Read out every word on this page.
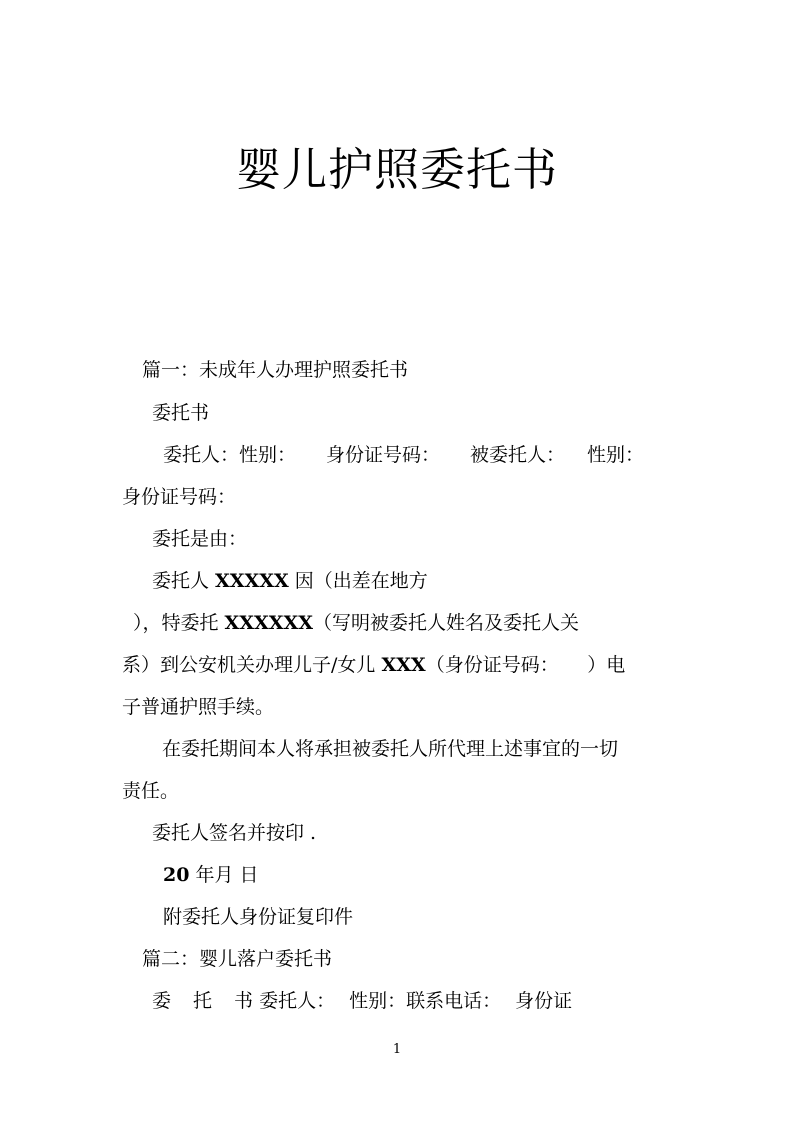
婴儿护照委托书
篇一：未成年人办理护照委托书
委托书
委托人：性别： 身份证号码： 被委托人： 性别：
身份证号码：
委托是由：
委托人 XXXXX 因（出差在地方
），特委托 XXXXXX（写明被委托人姓名及委托人关
系）到公安机关办理儿子/女儿 XXX（身份证号码：　　）电
子普通护照手续。
在委托期间本人将承担被委托人所代理上述事宜的一切
责任。
委托人签名并按印 .
20 年月 日
附委托人身份证复印件
篇二：婴儿落户委托书
委 托 书 委托人： 性别：联系电话： 身份证
1
